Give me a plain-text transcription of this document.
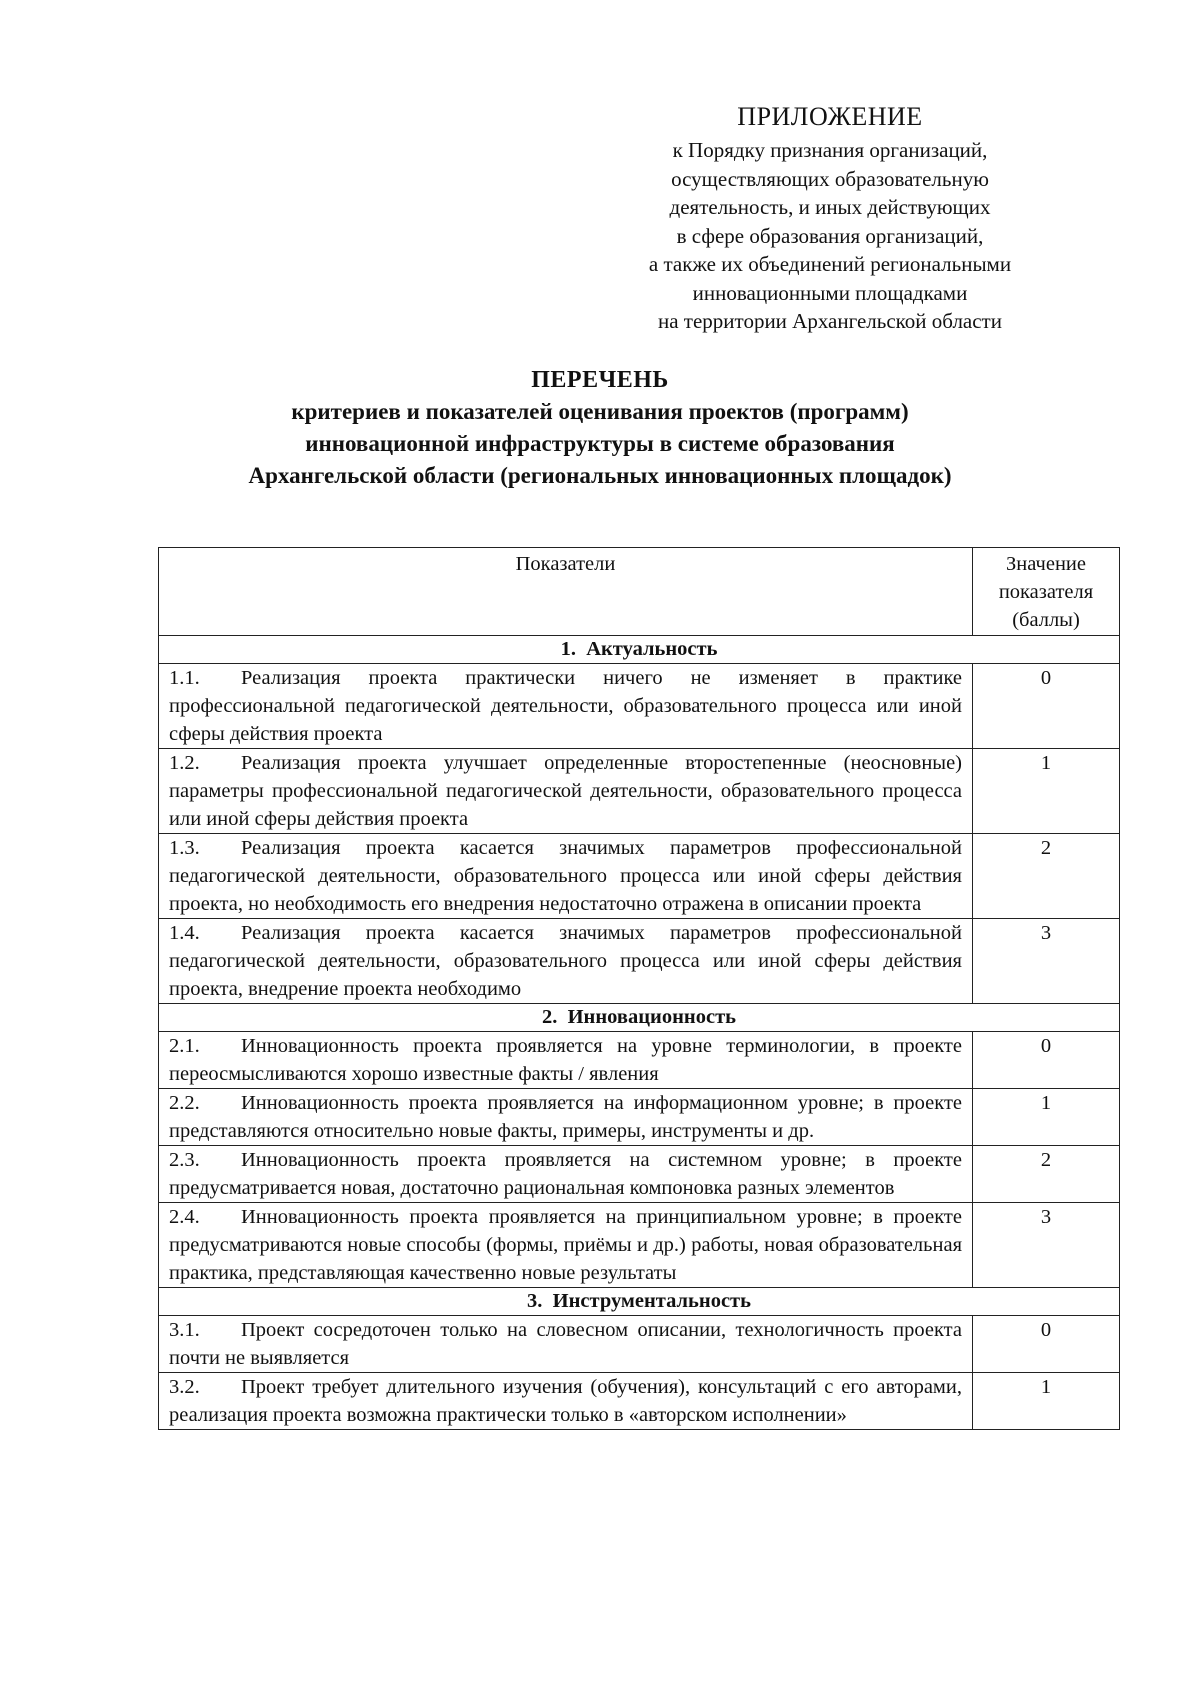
ПРИЛОЖЕНИЕ
к Порядку признания организаций,
осуществляющих образовательную
деятельность, и иных действующих
в сфере образования организаций,
а также их объединений региональными
инновационными площадками
на территории Архангельской области
ПЕРЕЧЕНЬ
критериев и показателей оценивания проектов (программ)
инновационной инфраструктуры в системе образования
Архангельской области (региональных инновационных площадок)
Показатели	Значение
показателя
(баллы)

1. Актуальность	
1.1. Реализация проекта практически ничего не изменяет в практике профессиональной педагогической деятельности, образовательного процесса или иной сферы действия проекта	0
1.2. Реализация проекта улучшает определенные второстепенные (неосновные) параметры профессиональной педагогической деятельности, образовательного процесса или иной сферы действия проекта	1
1.3. Реализация проекта касается значимых параметров профессиональной педагогической деятельности, образовательного процесса или иной сферы действия проекта, но необходимость его внедрения недостаточно отражена в описании проекта	2
1.4. Реализация проекта касается значимых параметров профессиональной педагогической деятельности, образовательного процесса или иной сферы действия проекта, внедрение проекта необходимо	3
2. Инновационность	
2.1. Инновационность проекта проявляется на уровне терминологии, в проекте переосмысливаются хорошо известные факты / явления	0
2.2. Инновационность проекта проявляется на информационном уровне; в проекте представляются относительно новые факты, примеры, инструменты и др.	1
2.3. Инновационность проекта проявляется на системном уровне; в проекте предусматривается новая, достаточно рациональная компоновка разных элементов	2
2.4. Инновационность проекта проявляется на принципиальном уровне; в проекте предусматриваются новые способы (формы, приёмы и др.) работы, новая образовательная практика, представляющая качественно новые результаты	3
3. Инструментальность	
3.1. Проект сосредоточен только на словесном описании, технологичность проекта почти не выявляется	0
3.2. Проект требует длительного изучения (обучения), консультаций с его авторами, реализация проекта возможна практически только в «авторском исполнении»	1
